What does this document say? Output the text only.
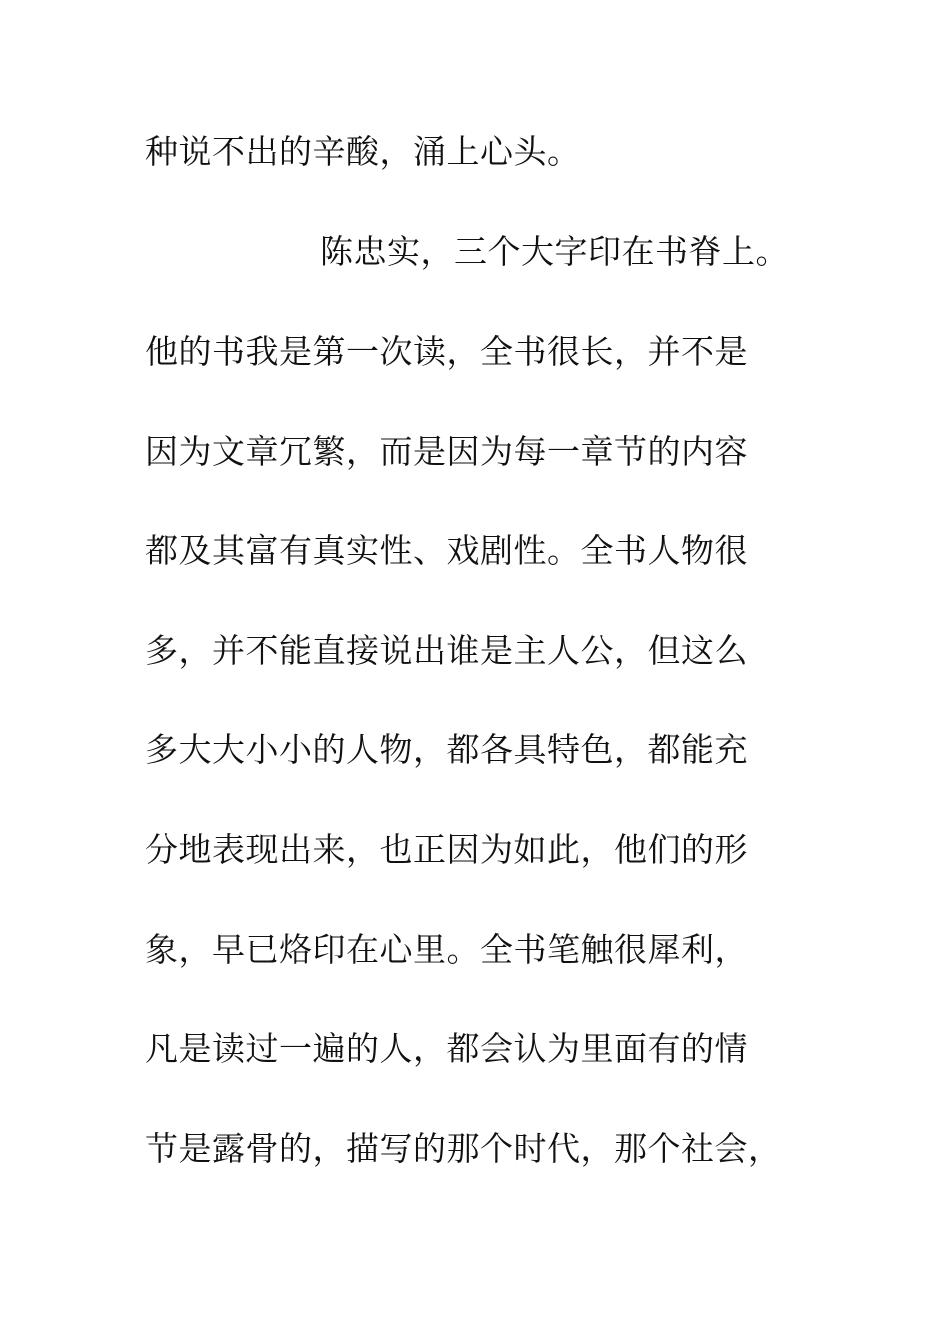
种说不出的辛酸，涌上心头。
陈忠实，三个大字印在书脊上。
他的书我是第一次读，全书很长，并不是
因为文章冗繁，而是因为每一章节的内容
都及其富有真实性、戏剧性。全书人物很
多，并不能直接说出谁是主人公，但这么
多大大小小的人物，都各具特色，都能充
分地表现出来，也正因为如此，他们的形
象，早已烙印在心里。全书笔触很犀利，
凡是读过一遍的人，都会认为里面有的情
节是露骨的，描写的那个时代，那个社会，
